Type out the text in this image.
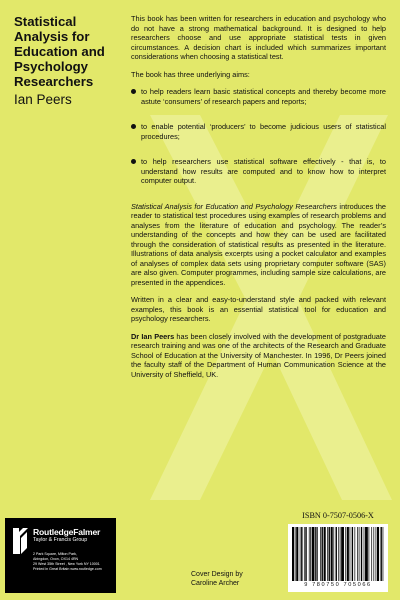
Statistical Analysis for Education and Psychology Researchers

Ian Peers

This book has been written for researchers in education and psychology who do not have a strong mathematical background. It is designed to help researchers choose and use appropriate statistical tests in given circumstances. A decision chart is included which summarizes important considerations when choosing a statistical test.

The book has three underlying aims:

to help readers learn basic statistical concepts and thereby become more astute ‘consumers’ of research papers and reports;

to enable potential ‘producers’ to become judicious users of statistical procedures;

to help researchers use statistical software effectively - that is, to understand how results are computed and to know how to interpret computer output.

Statistical Analysis for Education and Psychology Researchers introduces the reader to statistical test procedures using examples of research problems and analyses from the literature of education and psychology. The reader’s understanding of the concepts and how they can be used are facilitated through the consideration of statistical results as presented in the literature. Illustrations of data analysis excerpts using a pocket calculator and examples of analyses of complex data sets using proprietary computer software (SAS) are also given. Computer programmes, including sample size calculations, are presented in the appendices.

Written in a clear and easy-to-understand style and packed with relevant examples, this book is an essential statistical tool for education and psychology researchers.

Dr Ian Peers has been closely involved with the development of postgraduate research training and was one of the architects of the Research and Graduate School of Education at the University of Manchester. In 1996, Dr Peers joined the faculty staff of the Department of Human Communication Science at the University of Sheffield, UK.

ISBN 0-7507-0506-X
9 780750 705066
RoutledgeFalmer
Taylor & Francis Group
2 Park Square, Milton Park,
Abingdon, Oxon, OX14 4RN
29 West 35th Street , New York NY 10001
Printed in Great Britain www.routledge.com
Cover Design by
Caroline Archer
